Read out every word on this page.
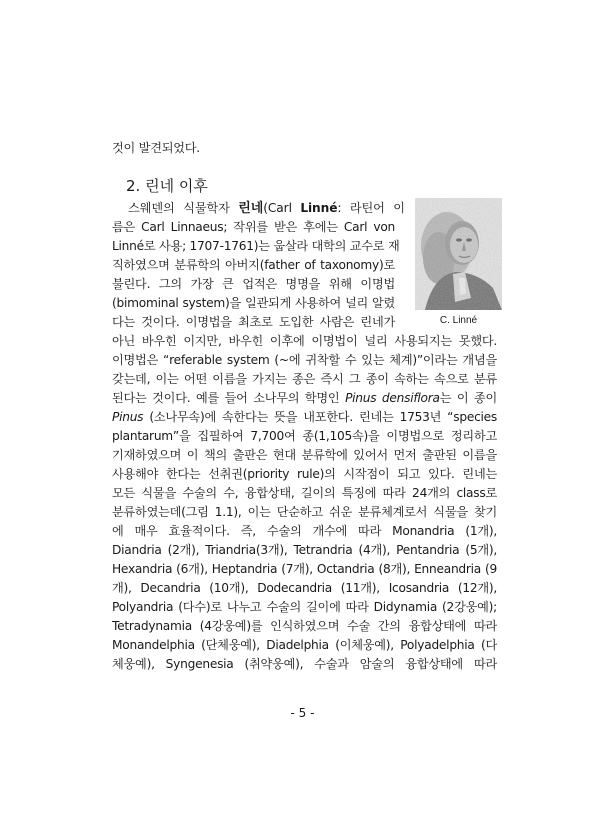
것이 발견되었다.
2. 린네 이후
스웨덴의 식물학자 린네(Carl Linné: 라틴어 이
름은 Carl Linnaeus; 작위를 받은 후에는 Carl von
Linné로 사용; 1707-1761)는 웁살라 대학의 교수로 재
직하였으며 분류학의 아버지(father of taxonomy)로
불린다. 그의 가장 큰 업적은 명명을 위해 이명법
(bimominal system)을 일관되게 사용하여 널리 알렸
다는 것이다. 이명법을 최초로 도입한 사람은 린네가
아닌 바우힌 이지만, 바우힌 이후에 이명법이 널리 사용되지는 못했다.
이명법은 “referable system (~에 귀착할 수 있는 체계)”이라는 개념을
갖는데, 이는 어떤 이름을 가지는 종은 즉시 그 종이 속하는 속으로 분류
된다는 것이다. 예를 들어 소나무의 학명인 Pinus densiflora는 이 종이
Pinus (소나무속)에 속한다는 뜻을 내포한다. 린네는 1753년 “species
plantarum”을 집필하여 7,700여 종(1,105속)을 이명법으로 정리하고
기재하였으며 이 책의 출판은 현대 분류학에 있어서 먼저 출판된 이름을
사용해야 한다는 선취권(priority rule)의 시작점이 되고 있다. 린네는
모든 식물을 수술의 수, 융합상태, 길이의 특징에 따라 24개의 class로
분류하였는데(그림 1.1), 이는 단순하고 쉬운 분류체계로서 식물을 찾기
에 매우 효율적이다. 즉, 수술의 개수에 따라 Monandria (1개),
Diandria (2개), Triandria(3개), Tetrandria (4개), Pentandria (5개),
Hexandria (6개), Heptandria (7개), Octandria (8개), Enneandria (9
개), Decandria (10개), Dodecandria (11개), Icosandria (12개),
Polyandria (다수)로 나누고 수술의 길이에 따라 Didynamia (2강웅예);
Tetradynamia (4강웅예)를 인식하였으며 수술 간의 융합상태에 따라
Monandelphia (단체웅예), Diadelphia (이체웅예), Polyadelphia (다
체웅예), Syngenesia (취약웅예), 수술과 암술의 융합상태에 따라
C. Linné
- 5 -
